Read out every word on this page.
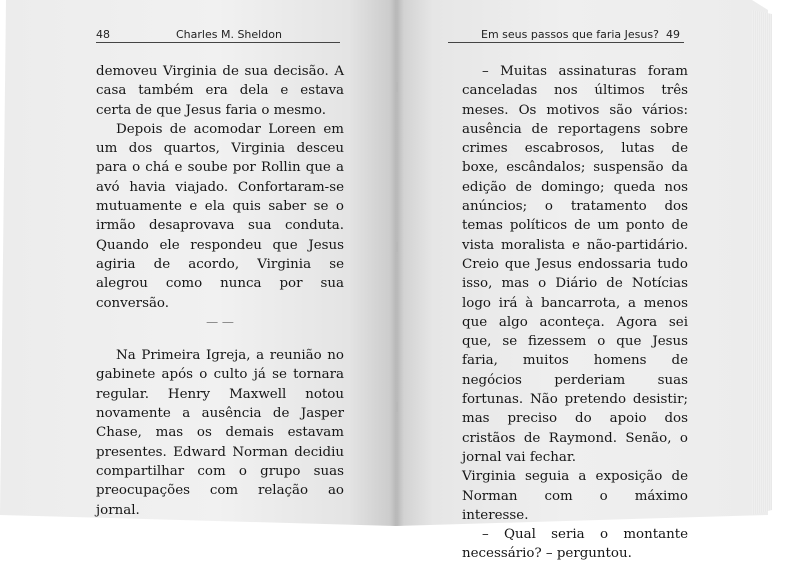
48	Charles M. Sheldon	Em seus passos que faria Jesus? 49

demoveu Virginia de sua decisão. A casa também era dela e estava certa de que Jesus faria o mesmo.

Depois de acomodar Loreen em um dos quartos, Virginia desceu para o chá e soube por Rollin que a avó havia viajado. Confortaram-se mutuamente e ela quis saber se o irmão desaprovava sua conduta. Quando ele respondeu que Jesus agiria de acordo, Virginia se alegrou como nunca por sua conversão.

— —

Na Primeira Igreja, a reunião no gabinete após o culto já se tornara regular. Henry Maxwell notou novamente a ausência de Jasper Chase, mas os demais estavam presentes. Edward Norman decidiu compartilhar com o grupo suas preocupações com relação ao jornal.

– Muitas assinaturas foram canceladas nos últimos três meses. Os motivos são vários: ausência de reportagens sobre crimes escabrosos, lutas de boxe, escândalos; suspensão da edição de domingo; queda nos anúncios; o tratamento dos temas políticos de um ponto de vista moralista e não-partidário. Creio que Jesus endossaria tudo isso, mas o Diário de Notícias logo irá à bancarrota, a menos que algo aconteça. Agora sei que, se fizessem o que Jesus faria, muitos homens de negócios perderiam suas fortunas. Não pretendo desistir; mas preciso do apoio dos cristãos de Raymond. Senão, o jornal vai fechar.

Virginia seguia a exposição de Norman com o máximo interesse.

– Qual seria o montante necessário? – perguntou.
